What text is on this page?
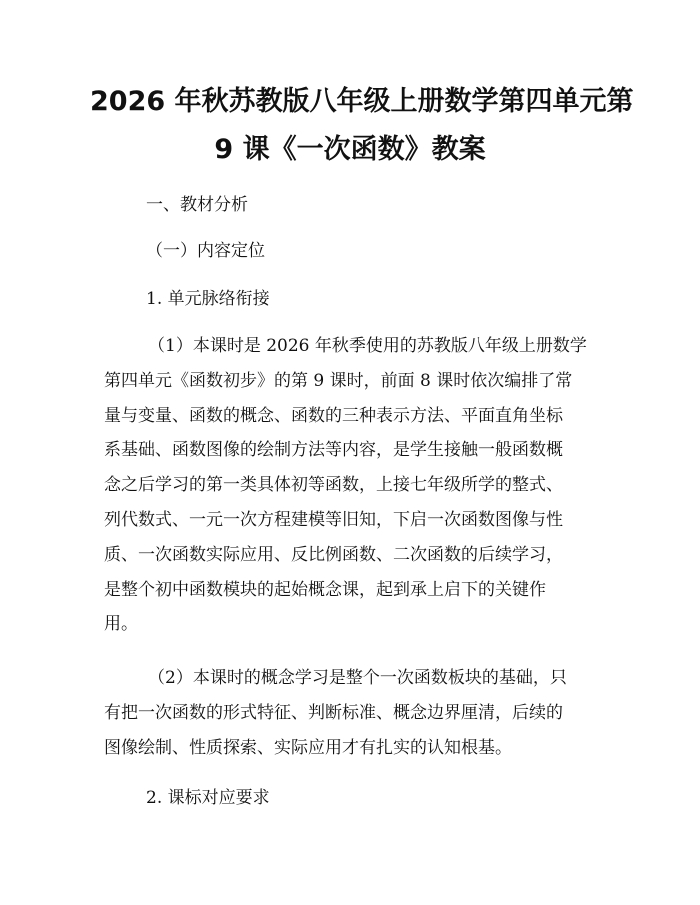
2026 年秋苏教版八年级上册数学第四单元第
9 课《一次函数》教案

一、教材分析

（一）内容定位

1. 单元脉络衔接

（1）本课时是 2026 年秋季使用的苏教版八年级上册数学
第四单元《函数初步》的第 9 课时，前面 8 课时依次编排了常
量与变量、函数的概念、函数的三种表示方法、平面直角坐标
系基础、函数图像的绘制方法等内容，是学生接触一般函数概
念之后学习的第一类具体初等函数，上接七年级所学的整式、
列代数式、一元一次方程建模等旧知，下启一次函数图像与性
质、一次函数实际应用、反比例函数、二次函数的后续学习，
是整个初中函数模块的起始概念课，起到承上启下的关键作
用。
（2）本课时的概念学习是整个一次函数板块的基础，只
有把一次函数的形式特征、判断标准、概念边界厘清，后续的
图像绘制、性质探索、实际应用才有扎实的认知根基。

2. 课标对应要求
